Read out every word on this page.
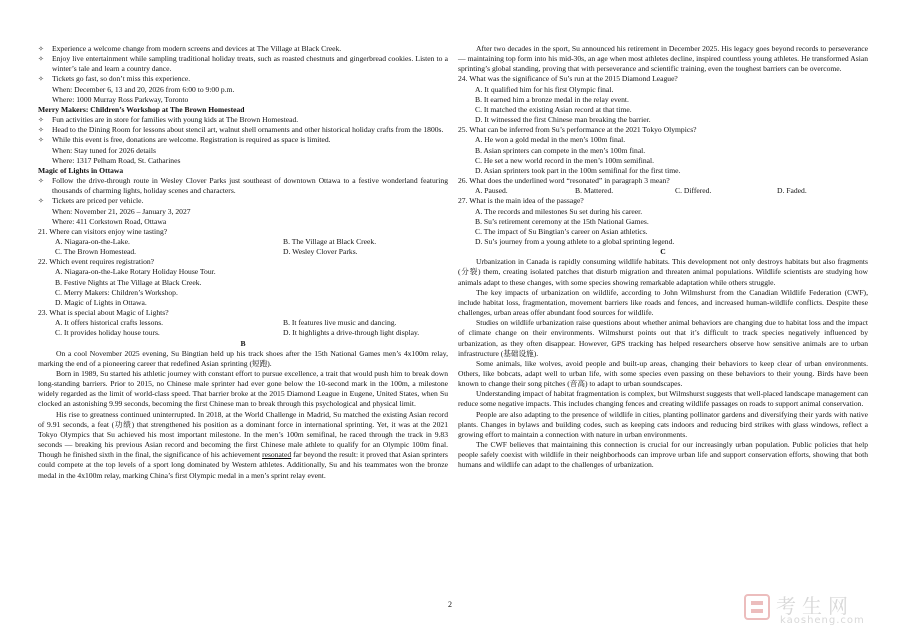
✧	Experience a welcome change from modern screens and devices at The Village at Black Creek.
✧	Enjoy live entertainment while sampling traditional holiday treats, such as roasted chestnuts and gingerbread cookies. Listen to a winter’s tale and learn a country dance.
✧	Tickets go fast, so don’t miss this experience.
When: December 6, 13 and 20, 2026 from 6:00 to 9:00 p.m.
Where: 1000 Murray Ross Parkway, Toronto
Merry Makers: Children’s Workshop at The Brown Homestead
✧	Fun activities are in store for families with young kids at The Brown Homestead.
✧	Head to the Dining Room for lessons about stencil art, walnut shell ornaments and other historical holiday crafts from the 1800s.
✧	While this event is free, donations are welcome. Registration is required as space is limited.
When: Stay tuned for 2026 details
Where: 1317 Pelham Road, St. Catharines
Magic of Lights in Ottawa
✧	Follow the drive-through route in Wesley Clover Parks just southeast of downtown Ottawa to a festive wonderland featuring thousands of charming lights, holiday scenes and characters.
✧	Tickets are priced per vehicle.
When: November 21, 2026 – January 3, 2027
Where: 411 Corkstown Road, Ottawa
21. Where can visitors enjoy wine tasting?
A. Niagara-on-the-Lake.	B. The Village at Black Creek.
C. The Brown Homestead.	D. Wesley Clover Parks.
22. Which event requires registration?
A. Niagara-on-the-Lake Rotary Holiday House Tour.
B. Festive Nights at The Village at Black Creek.
C. Merry Makers: Children’s Workshop.
D. Magic of Lights in Ottawa.
23. What is special about Magic of Lights?
A. It offers historical crafts lessons.	B. It features live music and dancing.
C. It provides holiday house tours.	D. It highlights a drive-through light display.
B

On a cool November 2025 evening, Su Bingtian held up his track shoes after the 15th National Games men’s 4x100m relay, marking the end of a pioneering career that redefined Asian sprinting (短跑).

Born in 1989, Su started his athletic journey with constant effort to pursue excellence, a trait that would push him to break down long-standing barriers. Prior to 2015, no Chinese male sprinter had ever gone below the 10-second mark in the 100m, a milestone widely regarded as the limit of world-class speed. That barrier broke at the 2015 Diamond League in Eugene, United States, when Su clocked an astonishing 9.99 seconds, becoming the first Chinese man to break through this psychological and physical limit.

His rise to greatness continued uninterrupted. In 2018, at the World Challenge in Madrid, Su matched the existing Asian record of 9.91 seconds, a feat (功绩) that strengthened his position as a dominant force in international sprinting. Yet, it was at the 2021 Tokyo Olympics that Su achieved his most important milestone. In the men’s 100m semifinal, he raced through the track in 9.83 seconds — breaking his previous Asian record and becoming the first Chinese male athlete to qualify for an Olympic 100m final. Though he finished sixth in the final, the significance of his achievement resonated far beyond the result: it proved that Asian sprinters could compete at the top levels of a sport long dominated by Western athletes. Additionally, Su and his teammates won the bronze medal in the 4x100m relay, marking China’s first Olympic medal in a men’s sprint relay event.

After two decades in the sport, Su announced his retirement in December 2025. His legacy goes beyond records to perseverance — maintaining top form into his mid-30s, an age when most athletes decline, inspired countless young athletes. He transformed Asian sprinting’s global standing, proving that with perseverance and scientific training, even the toughest barriers can be overcome.

24. What was the significance of Su’s run at the 2015 Diamond League?
A. It qualified him for his first Olympic final.
B. It earned him a bronze medal in the relay event.
C. It matched the existing Asian record at that time.
D. It witnessed the first Chinese man breaking the barrier.
25. What can be inferred from Su’s performance at the 2021 Tokyo Olympics?
A. He won a gold medal in the men’s 100m final.
B. Asian sprinters can compete in the men’s 100m final.
C. He set a new world record in the men’s 100m semifinal.
D. Asian sprinters took part in the 100m semifinal for the first time.
26. What does the underlined word “resonated” in paragraph 3 mean?
A. Paused.	B. Mattered.	C. Differed.	D. Faded.
27. What is the main idea of the passage?
A. The records and milestones Su set during his career.
B. Su’s retirement ceremony at the 15th National Games.
C. The impact of Su Bingtian’s career on Asian athletics.
D. Su’s journey from a young athlete to a global sprinting legend.
C

Urbanization in Canada is rapidly consuming wildlife habitats. This development not only destroys habitats but also fragments (分裂) them, creating isolated patches that disturb migration and threaten animal populations. Wildlife scientists are studying how animals adapt to these changes, with some species showing remarkable adaptation while others struggle.

The key impacts of urbanization on wildlife, according to John Wilmshurst from the Canadian Wildlife Federation (CWF), include habitat loss, fragmentation, movement barriers like roads and fences, and increased human-wildlife conflicts. Despite these challenges, urban areas offer abundant food sources for wildlife.

Studies on wildlife urbanization raise questions about whether animal behaviors are changing due to habitat loss and the impact of climate change on their environments. Wilmshurst points out that it’s difficult to track species negatively influenced by urbanization, as they often disappear. However, GPS tracking has helped researchers observe how sensitive animals are to urban infrastructure (基础设施).

Some animals, like wolves, avoid people and built-up areas, changing their behaviors to keep clear of urban environments. Others, like bobcats, adapt well to urban life, with some species even passing on these behaviors to their young. Birds have been known to change their song pitches (音高) to adapt to urban soundscapes.

Understanding impact of habitat fragmentation is complex, but Wilmshurst suggests that well-placed landscape management can reduce some negative impacts. This includes changing fences and creating wildlife passages on roads to support animal conservation.

People are also adapting to the presence of wildlife in cities, planting pollinator gardens and diversifying their yards with native plants. Changes in bylaws and building codes, such as keeping cats indoors and reducing bird strikes with glass windows, reflect a growing effort to maintain a connection with nature in urban environments.

The CWF believes that maintaining this connection is crucial for our increasingly urban population. Public policies that help people safely coexist with wildlife in their neighborhoods can improve urban life and support conservation efforts, showing that both humans and wildlife can adapt to the challenges of urbanization.

2	考生网
kaosheng.com
